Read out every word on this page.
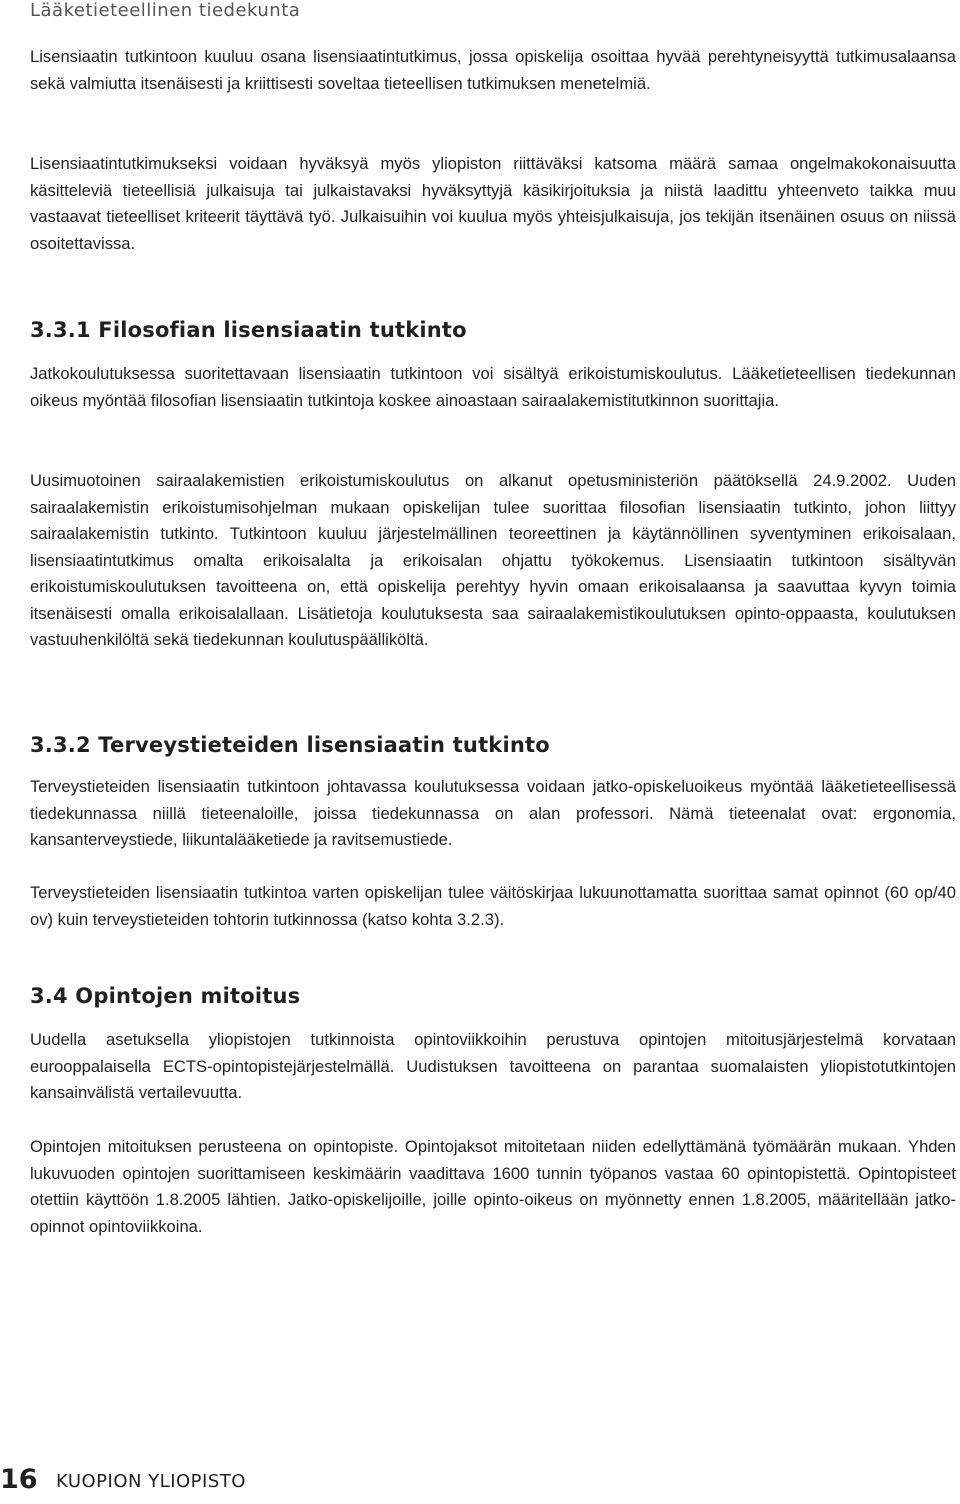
Lääketieteellinen tiedekunta

Lisensiaatin tutkintoon kuuluu osana lisensiaatintutkimus, jossa opiskelija osoittaa hyvää perehtyneisyyttä tutkimusalaansa sekä valmiutta itsenäisesti ja kriittisesti soveltaa tieteellisen tutkimuksen menetelmiä.

Lisensiaatintutkimukseksi voidaan hyväksyä myös yliopiston riittäväksi katsoma määrä samaa ongelmakokonaisuutta käsitteleviä tieteellisiä julkaisuja tai julkaistavaksi hyväksyttyjä käsikirjoituksia ja niistä laadittu yhteenveto taikka muu vastaavat tieteelliset kriteerit täyttävä työ. Julkaisuihin voi kuulua myös yhteisjulkaisuja, jos tekijän itsenäinen osuus on niissä osoitettavissa.

3.3.1 Filosofian lisensiaatin tutkinto

Jatkokoulutuksessa suoritettavaan lisensiaatin tutkintoon voi sisältyä erikoistumiskoulutus. Lääketieteellisen tiedekunnan oikeus myöntää filosofian lisensiaatin tutkintoja koskee ainoastaan sairaalakemistitutkinnon suorittajia.

Uusimuotoinen sairaalakemistien erikoistumiskoulutus on alkanut opetusministeriön päätöksellä 24.9.2002. Uuden sairaalakemistin erikoistumisohjelman mukaan opiskelijan tulee suorittaa filosofian lisensiaatin tutkinto, johon liittyy sairaalakemistin tutkinto. Tutkintoon kuuluu järjestelmällinen teoreettinen ja käytännöllinen syventyminen erikoisalaan, lisensiaatintutkimus omalta erikoisalalta ja erikoisalan ohjattu työkokemus. Lisensiaatin tutkintoon sisältyvän erikoistumiskoulutuksen tavoitteena on, että opiskelija perehtyy hyvin omaan erikoisalaansa ja saavuttaa kyvyn toimia itsenäisesti omalla erikoisalallaan. Lisätietoja koulutuksesta saa sairaalakemistikoulutuksen opinto-oppaasta, koulutuksen vastuuhenkilöltä sekä tiedekunnan koulutuspäälliköltä.

3.3.2 Terveystieteiden lisensiaatin tutkinto

Terveystieteiden lisensiaatin tutkintoon johtavassa koulutuksessa voidaan jatko-opiskeluoikeus myöntää lääketieteellisessä tiedekunnassa niillä tieteenaloille, joissa tiedekunnassa on alan professori. Nämä tieteenalat ovat: ergonomia, kansanterveystiede, liikuntalääketiede ja ravitsemustiede.

Terveystieteiden lisensiaatin tutkintoa varten opiskelijan tulee väitöskirjaa lukuunottamatta suorittaa samat opinnot (60 op/40 ov) kuin terveystieteiden tohtorin tutkinnossa (katso kohta 3.2.3).

3.4 Opintojen mitoitus

Uudella asetuksella yliopistojen tutkinnoista opintoviikkoihin perustuva opintojen mitoitusjärjestelmä korvataan eurooppalaisella ECTS-opintopistejärjestelmällä. Uudistuksen tavoitteena on parantaa suomalaisten yliopistotutkintojen kansainvälistä vertailevuutta.

Opintojen mitoituksen perusteena on opintopiste. Opintojaksot mitoitetaan niiden edellyttämänä työmäärän mukaan. Yhden lukuvuoden opintojen suorittamiseen keskimäärin vaadittava 1600 tunnin työpanos vastaa 60 opintopistettä. Opintopisteet otettiin käyttöön 1.8.2005 lähtien. Jatko-opiskelijoille, joille opinto-oikeus on myönnetty ennen 1.8.2005, määritellään jatko-opinnot opintoviikkoina.

16 KUOPION YLIOPISTO
